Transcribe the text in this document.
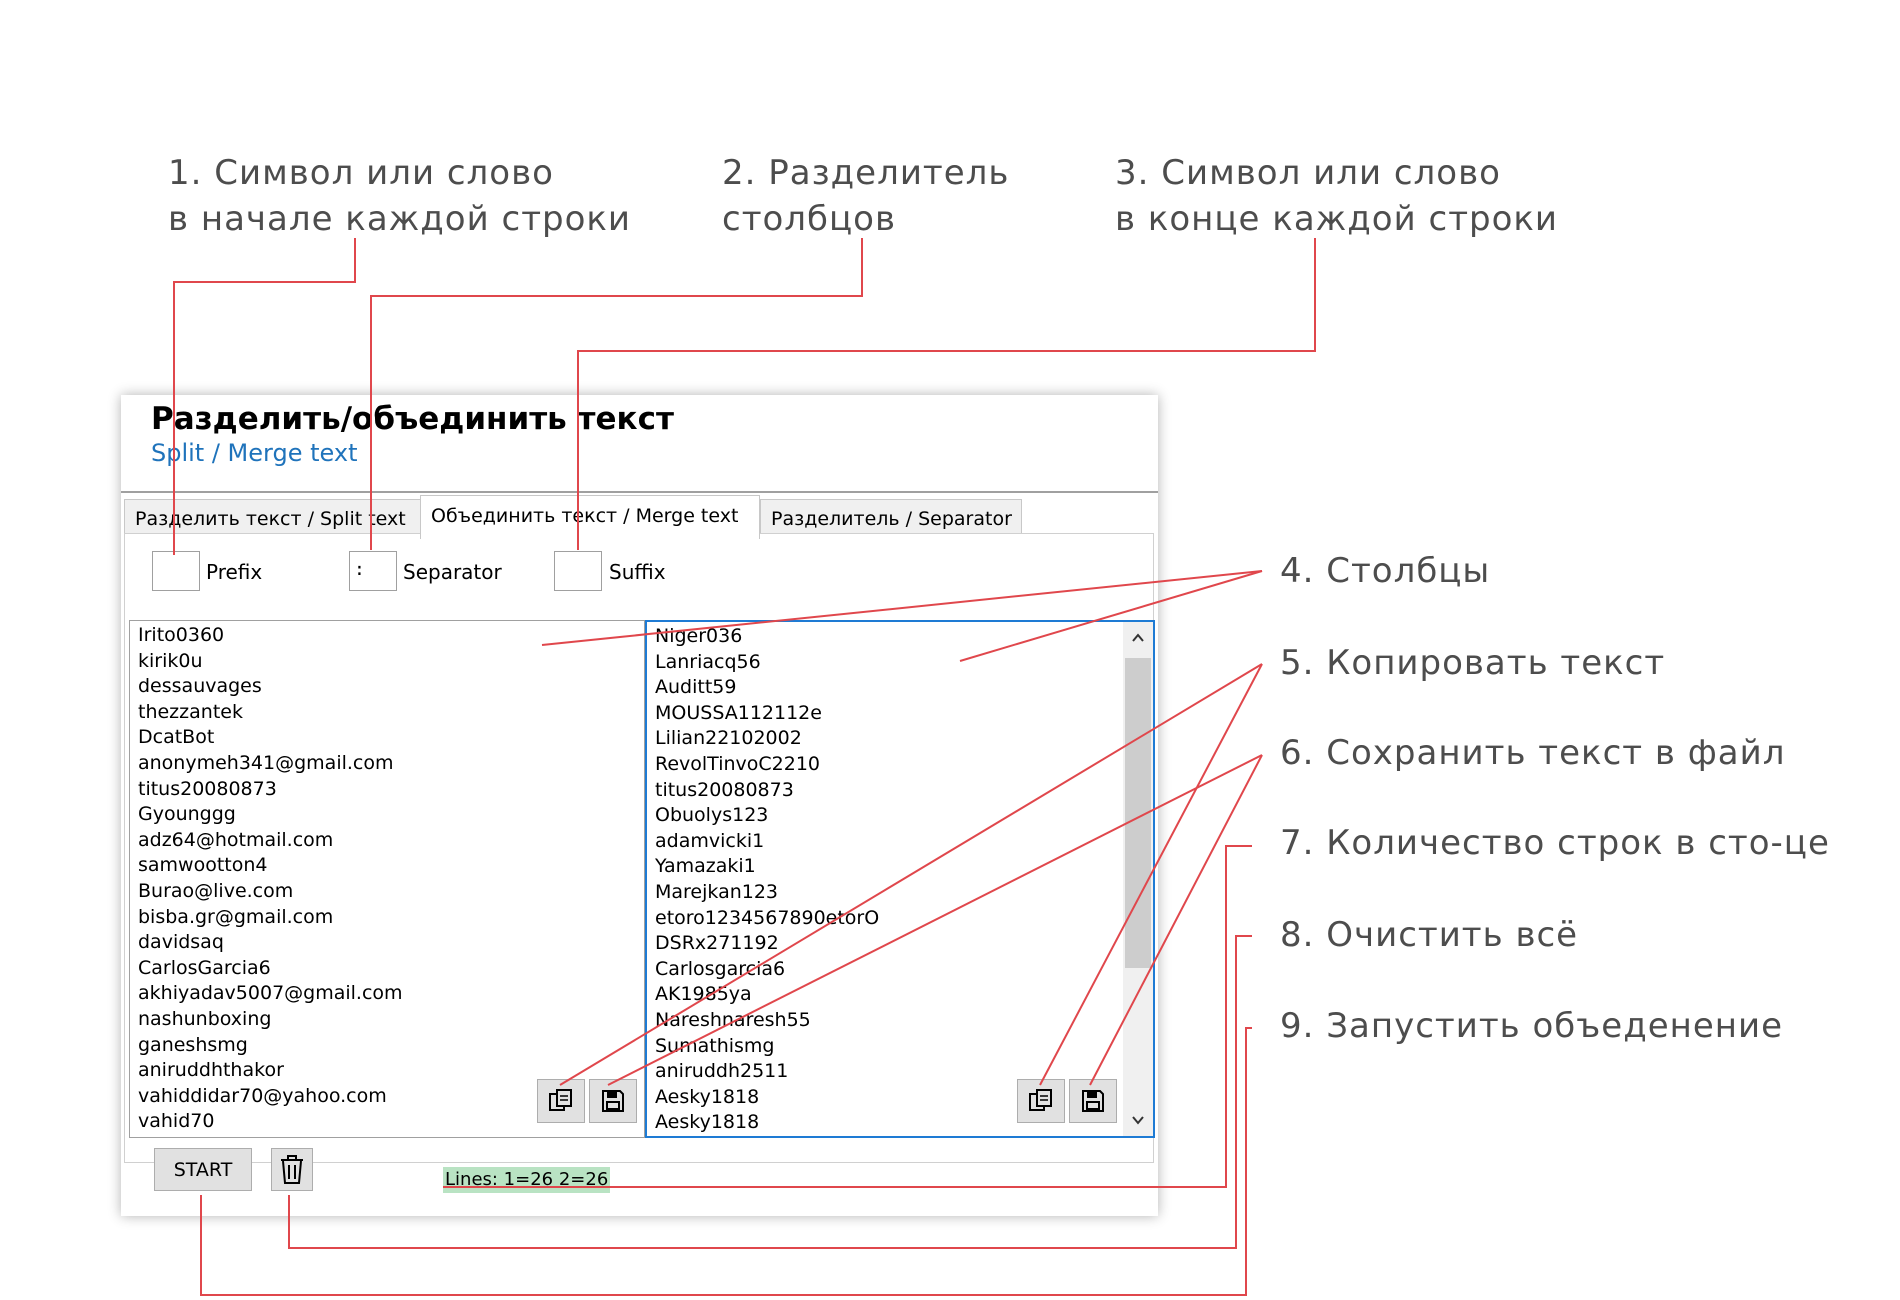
1. Символ или слово
в начале каждой строки
2. Разделитель
столбцов
3. Символ или слово
в конце каждой строки
4. Столбцы
5. Копировать текст
6. Сохранить текст в файл
7. Количество строк в сто-це
8. Очистить всё
9. Запустить объеденение
Разделить/объединить текст
Split / Merge text
Разделить текст / Split text	Объединить текст / Merge text	Разделитель / Separator
Prefix	:	Separator	Suffix
Irito0360
kirik0u
dessauvages
thezzantek
DcatBot
anonymeh341@gmail.com
titus20080873
Gyounggg
adz64@hotmail.com
samwootton4
Burao@live.com
bisba.gr@gmail.com
davidsaq
CarlosGarcia6
akhiyadav5007@gmail.com
nashunboxing
ganeshsmg
aniruddhthakor
vahiddidar70@yahoo.com
vahid70
Niger036
Lanriacq56
Auditt59
MOUSSA112112e
Lilian22102002
RevolTinvoC2210
titus20080873
Obuolys123
adamvicki1
Yamazaki1
Marejkan123
etoro1234567890etorO
DSRx271192
Carlosgarcia6
AK1985ya
Nareshnaresh55
Sumathismg
aniruddh2511
Aesky1818
Aesky1818
START	Lines: 1=26 2=26
